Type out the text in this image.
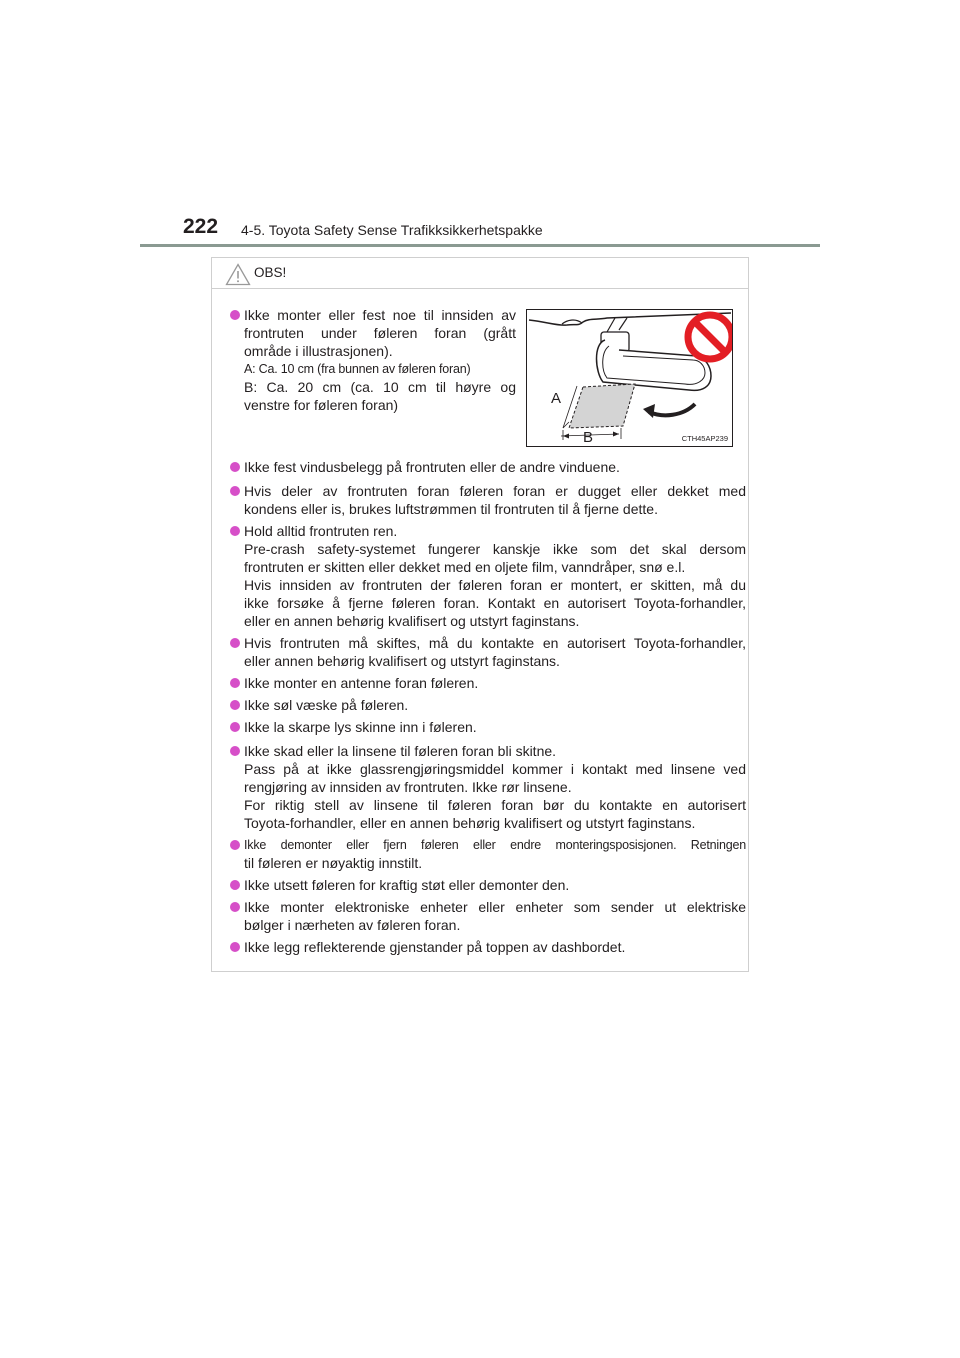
222 4-5. Toyota Safety Sense Trafikksikkerhetspakke
OBS!
Ikke monter eller fest noe til innsiden av
frontruten under føleren foran (grått
område i illustrasjonen).
A: Ca. 10 cm (fra bunnen av føleren foran)
B: Ca. 20 cm (ca. 10 cm til høyre og
venstre for føleren foran)	A
B	CTH45AP239
Ikke fest vindusbelegg på frontruten eller de andre vinduene.
Hvis deler av frontruten foran føleren foran er dugget eller dekket med
kondens eller is, brukes luftstrømmen til frontruten til å fjerne dette.
Hold alltid frontruten ren.
Pre-crash safety-systemet fungerer kanskje ikke som det skal dersom
frontruten er skitten eller dekket med en oljete film, vanndråper, snø e.l.
Hvis innsiden av frontruten der føleren foran er montert, er skitten, må du
ikke forsøke å fjerne føleren foran. Kontakt en autorisert Toyota-forhandler,
eller en annen behørig kvalifisert og utstyrt faginstans.
Hvis frontruten må skiftes, må du kontakte en autorisert Toyota-forhandler,
eller annen behørig kvalifisert og utstyrt faginstans.
Ikke monter en antenne foran føleren.
Ikke søl væske på føleren.
Ikke la skarpe lys skinne inn i føleren.
Ikke skad eller la linsene til føleren foran bli skitne.
Pass på at ikke glassrengjøringsmiddel kommer i kontakt med linsene ved
rengjøring av innsiden av frontruten. Ikke rør linsene.
For riktig stell av linsene til føleren foran bør du kontakte en autorisert
Toyota-forhandler, eller en annen behørig kvalifisert og utstyrt faginstans.
Ikke demonter eller fjern føleren eller endre monteringsposisjonen. Retningen
til føleren er nøyaktig innstilt.
Ikke utsett føleren for kraftig støt eller demonter den.
Ikke monter elektroniske enheter eller enheter som sender ut elektriske
bølger i nærheten av føleren foran.
Ikke legg reflekterende gjenstander på toppen av dashbordet.
